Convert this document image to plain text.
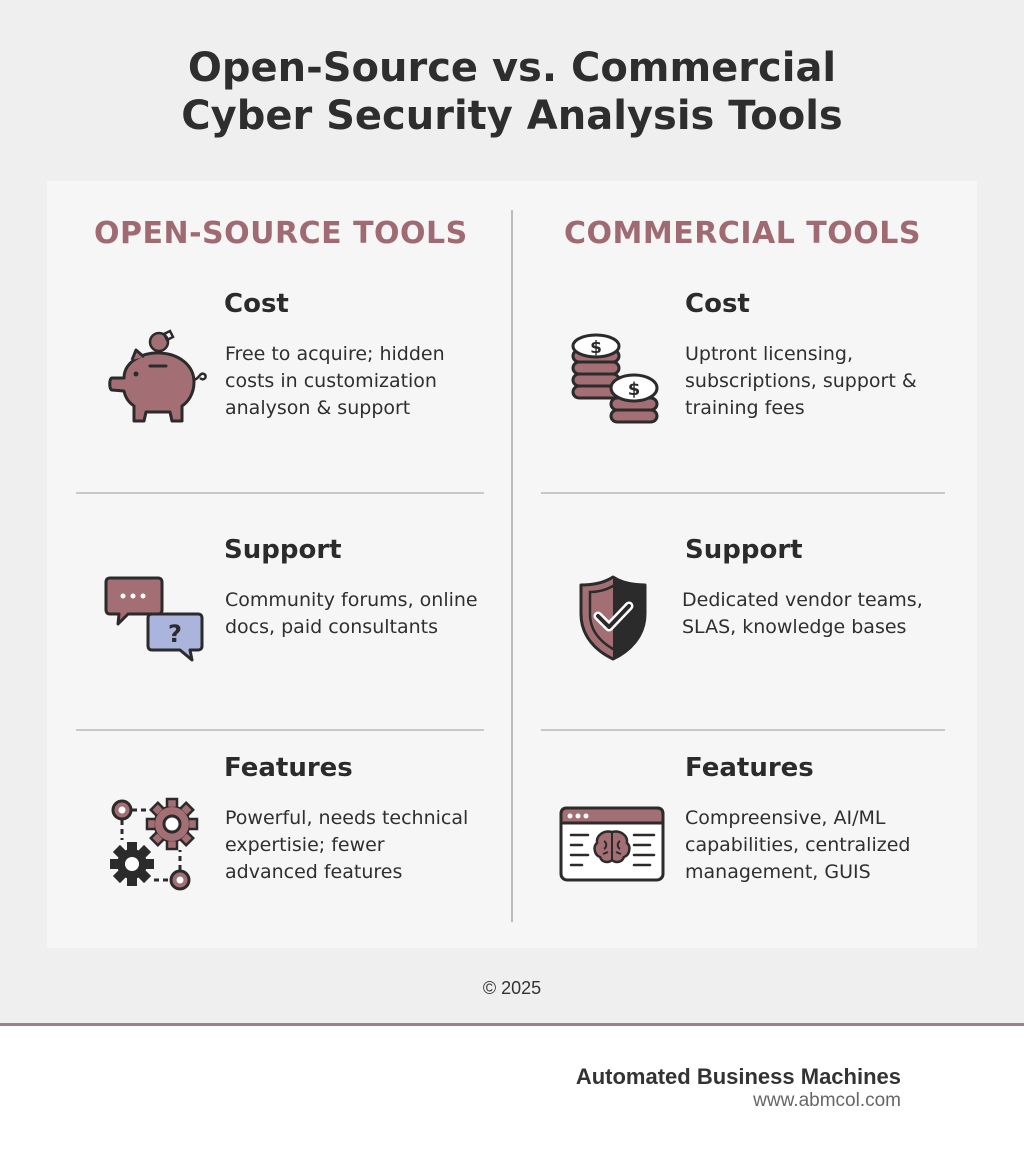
Open-Source vs. Commercial
Cyber Security Analysis Tools
OPEN-SOURCE TOOLS	COMMERCIAL TOOLS
Cost
Free to acquire; hidden
costs in customization
analyson & support
?
Support
Community forums, online
docs, paid consultants
Features
Powerful, needs technical
expertisie; fewer
advanced features
$
$
Cost
Uptront licensing,
subscriptions, support &
training fees
Support
Dedicated vendor teams,
SLAS, knowledge bases
Features
Compreensive, AI/ML
capabilities, centralized
management, GUIS
© 2025
Automated Business Machines
www.abmcol.com
